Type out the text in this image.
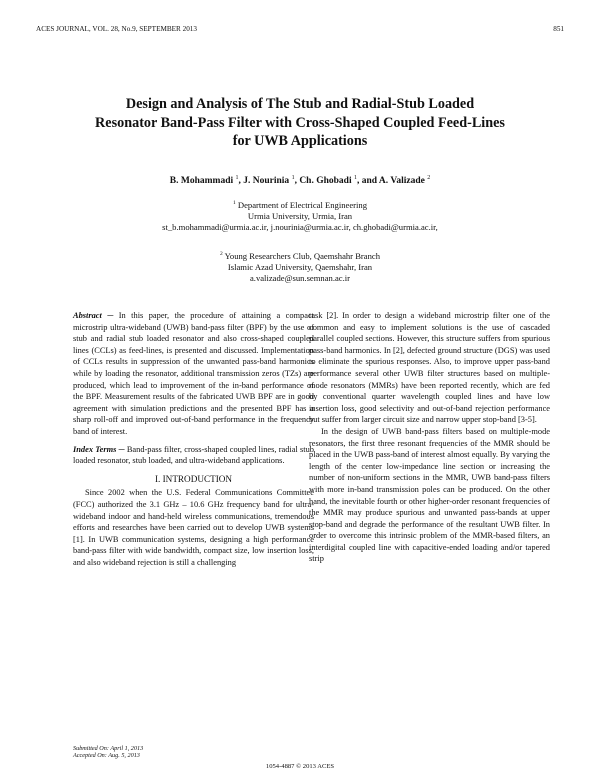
ACES JOURNAL, VOL. 28, No.9, SEPTEMBER 2013	851
Design and Analysis of The Stub and Radial-Stub Loaded
Resonator Band-Pass Filter with Cross-Shaped Coupled Feed-Lines
for UWB Applications
B. Mohammadi $^1$, J. Nourinia $^1$, Ch. Ghobadi $^1$, and A. Valizade $^2$
$^1$ Department of Electrical Engineering
Urmia University, Urmia, Iran
st_b.mohammadi@urmia.ac.ir, j.nourinia@urmia.ac.ir, ch.ghobadi@urmia.ac.ir,
$^2$ Young Researchers Club, Qaemshahr Branch
Islamic Azad University, Qaemshahr, Iran
a.valizade@sun.semnan.ac.ir

Abstract ─ In this paper, the procedure of attaining a compact microstrip ultra-wideband (UWB) band-pass filter (BPF) by the use of stub and radial stub loaded resonator and also cross-shaped coupled lines (CCLs) as feed-lines, is presented and discussed. Implementation of CCLs results in suppression of the unwanted pass-band harmonics while by loading the resonator, additional transmission zeros (TZs) are produced, which lead to improvement of the in-band performance of the BPF. Measurement results of the fabricated UWB BPF are in good agreement with simulation predictions and the presented BPF has a sharp roll-off and improved out-of-band performance in the frequency band of interest.

Index Terms ─ Band-pass filter, cross-shaped coupled lines, radial stub loaded resonator, stub loaded, and ultra-wideband applications.

I. INTRODUCTION

Since 2002 when the U.S. Federal Communications Committee (FCC) authorized the 3.1 GHz – 10.6 GHz frequency band for ultra-wideband indoor and hand-held wireless communications, tremendous efforts and researches have been carried out to develop UWB systems [1]. In UWB communication systems, designing a high performance band-pass filter with wide bandwidth, compact size, low insertion loss, and also wideband rejection is still a challenging

task [2]. In order to design a wideband microstrip filter one of the common and easy to implement solutions is the use of cascaded parallel coupled sections. However, this structure suffers from spurious pass-band harmonics. In [2], defected ground structure (DGS) was used to eliminate the spurious responses. Also, to improve upper pass-band performance several other UWB filter structures based on multiple-mode resonators (MMRs) have been reported recently, which are fed by conventional quarter wavelength coupled lines and have low insertion loss, good selectivity and out-of-band rejection performance but suffer from larger circuit size and narrow upper stop-band [3-5].

In the design of UWB band-pass filters based on multiple-mode resonators, the first three resonant frequencies of the MMR should be placed in the UWB pass-band of interest almost equally. By varying the length of the center low-impedance line section or increasing the number of non-uniform sections in the MMR, UWB band-pass filters with more in-band transmission poles can be produced. On the other hand, the inevitable fourth or other higher-order resonant frequencies of the MMR may produce spurious and unwanted pass-bands at upper stop-band and degrade the performance of the resultant UWB filter. In order to overcome this intrinsic problem of the MMR-based filters, an interdigital coupled line with capacitive-ended loading and/or tapered strip

Submitted On: April 1, 2013
Accepted On: Aug. 5, 2013
1054-4887 © 2013 ACES
